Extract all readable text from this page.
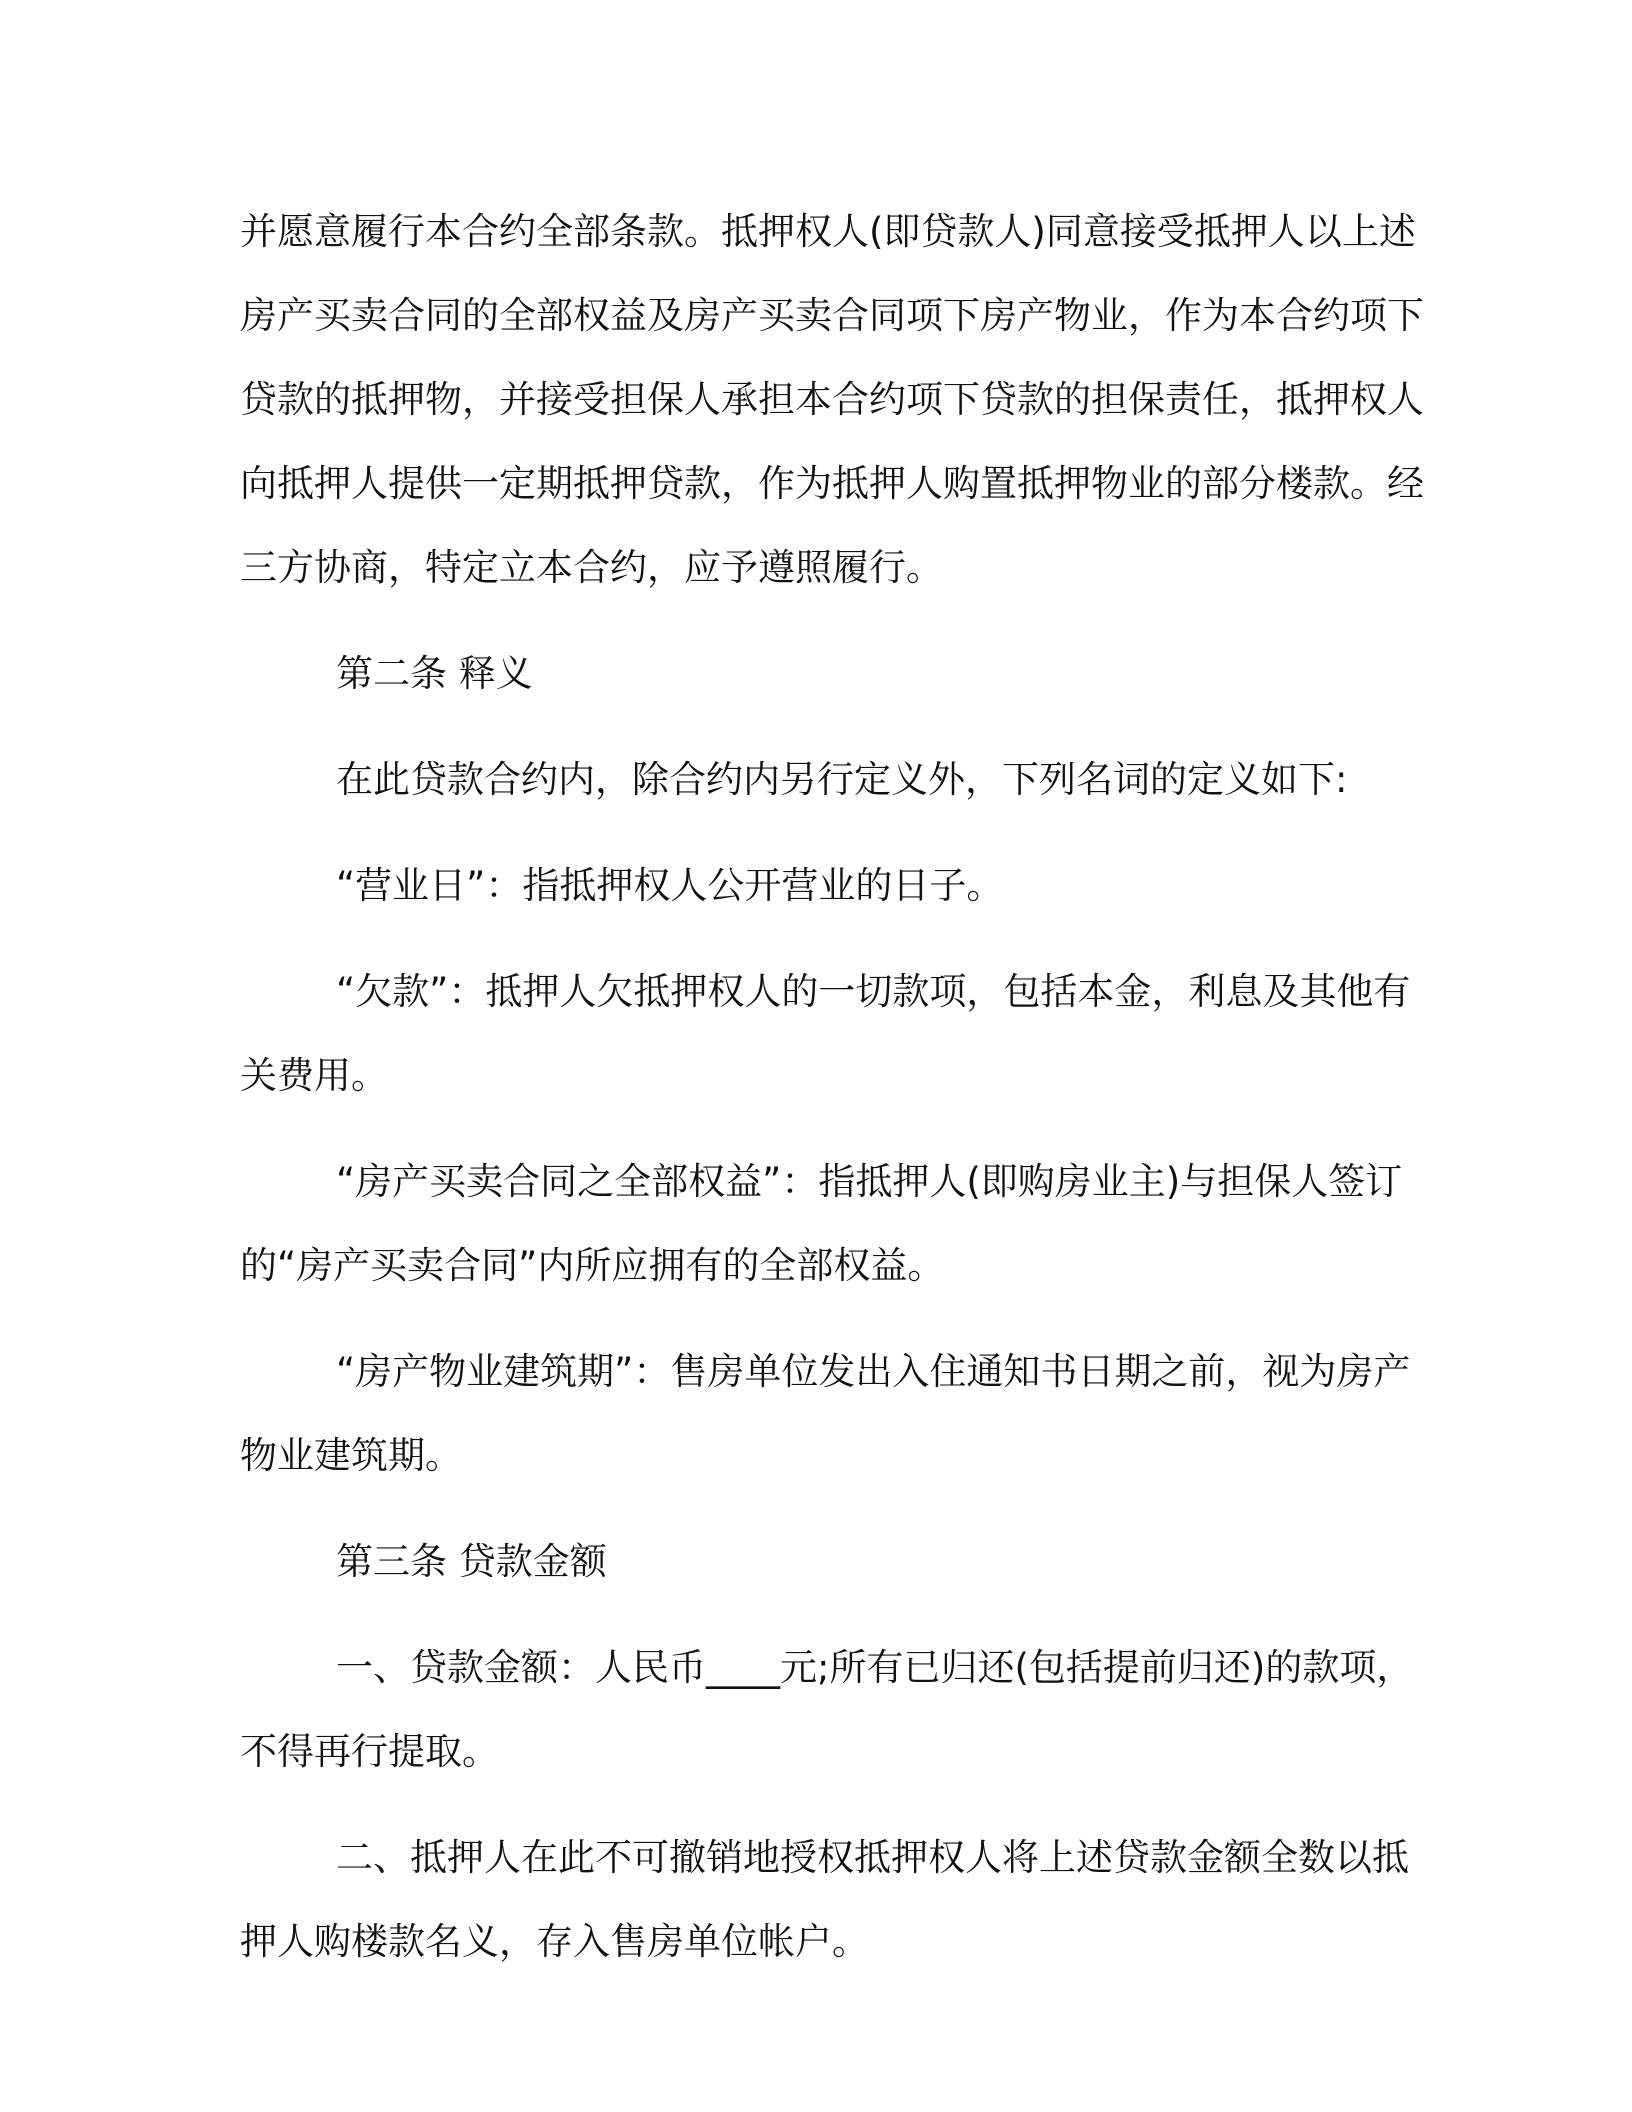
并愿意履行本合约全部条款。抵押权人(即贷款人)同意接受抵押人以上述房产买卖合同的全部权益及房产买卖合同项下房产物业，作为本合约项下贷款的抵押物，并接受担保人承担本合约项下贷款的担保责任，抵押权人向抵押人提供一定期抵押贷款，作为抵押人购置抵押物业的部分楼款。经三方协商，特定立本合约，应予遵照履行。

第二条 释义

在此贷款合约内，除合约内另行定义外，下列名词的定义如下:

“营业日”：指抵押权人公开营业的日子。

“欠款”：抵押人欠抵押权人的一切款项，包括本金，利息及其他有关费用。

“房产买卖合同之全部权益”：指抵押人(即购房业主)与担保人签订的“房产买卖合同”内所应拥有的全部权益。

“房产物业建筑期”：售房单位发出入住通知书日期之前，视为房产物业建筑期。

第三条 贷款金额

一、贷款金额：人民币____元;所有已归还(包括提前归还)的款项，不得再行提取。

二、抵押人在此不可撤销地授权抵押权人将上述贷款金额全数以抵押人购楼款名义，存入售房单位帐户。
